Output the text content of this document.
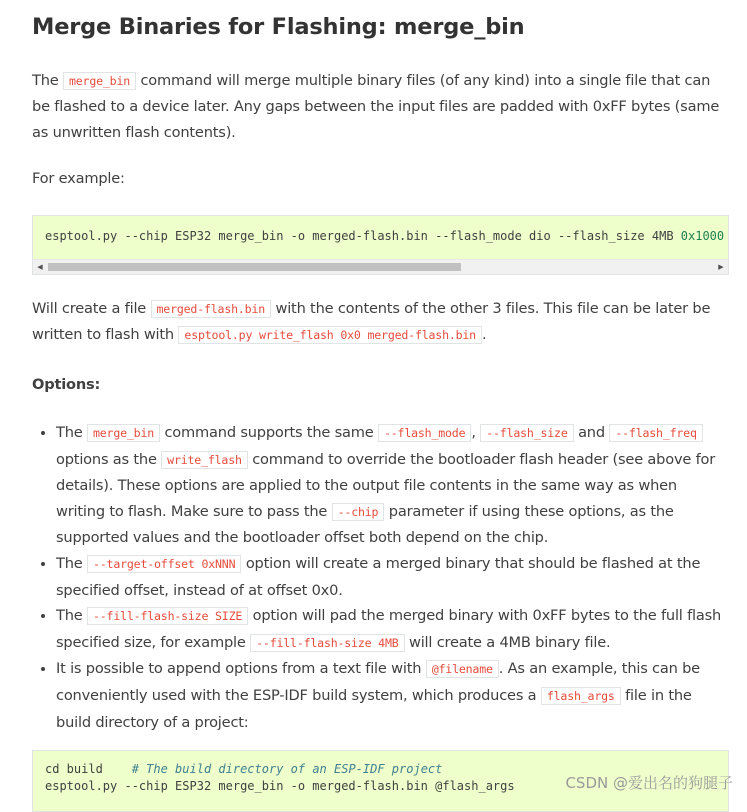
Merge Binaries for Flashing: merge_bin

The merge_bin command will merge multiple binary files (of any kind) into a single file that can be flashed to a device later. Any gaps between the input files are padded with 0xFF bytes (same as unwritten flash contents).

For example:

esptool.py --chip ESP32 merge_bin -o merged-flash.bin --flash_mode dio --flash_size 4MB 0x1000
◀	▶

Will create a file merged-flash.bin with the contents of the other 3 files. This file can be later be written to flash with esptool.py write_flash 0x0 merged-flash.bin .

Options:

• The merge_bin command supports the same --flash_mode , --flash_size and --flash_freq options as the write_flash command to override the bootloader flash header (see above for details). These options are applied to the output file contents in the same way as when writing to flash. Make sure to pass the --chip parameter if using these options, as the supported values and the bootloader offset both depend on the chip.
• The --target-offset 0xNNN option will create a merged binary that should be flashed at the specified offset, instead of at offset 0x0.
• The --fill-flash-size SIZE option will pad the merged binary with 0xFF bytes to the full flash specified size, for example --fill-flash-size 4MB will create a 4MB binary file.
• It is possible to append options from a text file with @filename . As an example, this can be conveniently used with the ESP-IDF build system, which produces a flash_args file in the build directory of a project:
cd build    # The build directory of an ESP-IDF project
esptool.py --chip ESP32 merge_bin -o merged-flash.bin @flash_args	CSDN @爱出名的狗腿子
